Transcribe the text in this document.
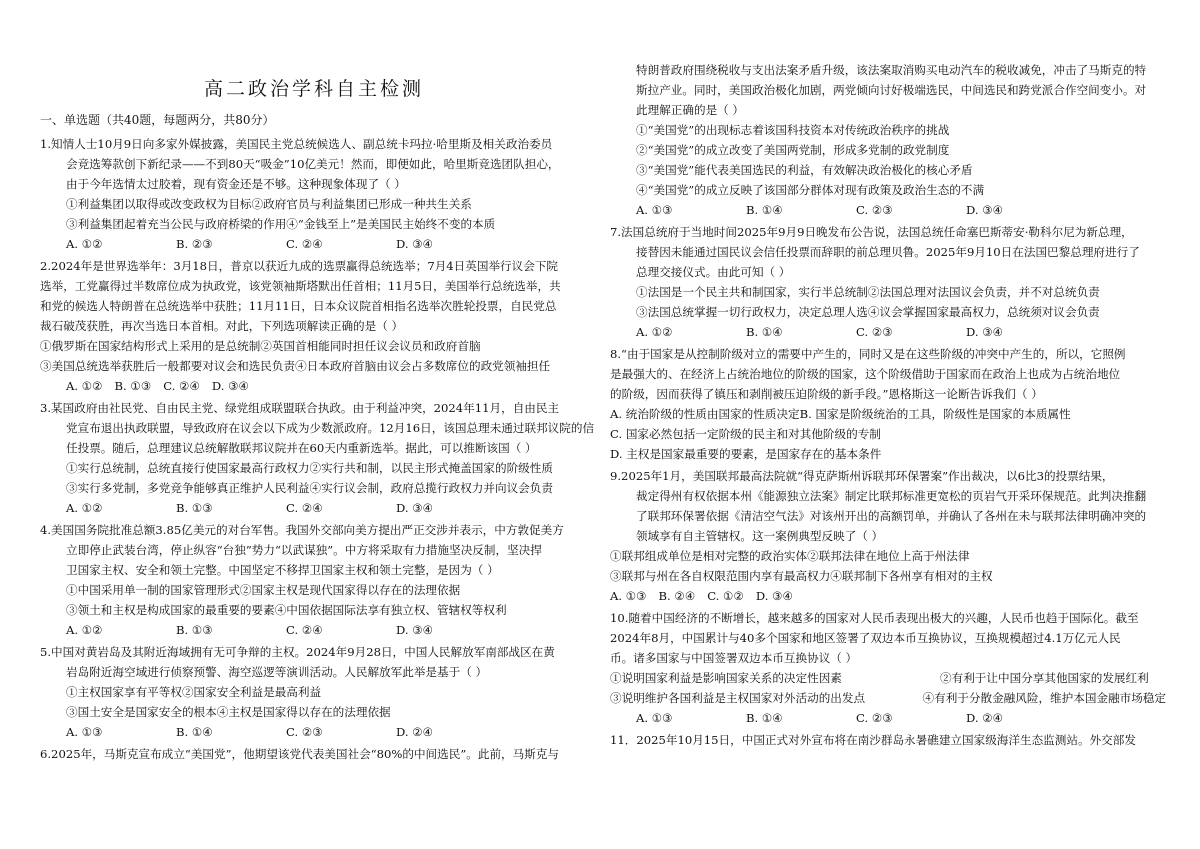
高二政治学科自主检测
一、单选题（共40题，每题两分，共80分）

1.知情人士10月9日向多家外媒披露，美国民主党总统候选人、副总统卡玛拉·哈里斯及相关政治委员

会竞选筹款创下新纪录——不到80天“吸金”10亿美元！然而，即便如此，哈里斯竞选团队担心，

由于今年选情太过胶着，现有资金还是不够。这种现象体现了（ ）

①利益集团以取得或改变政权为目标②政府官员与利益集团已形成一种共生关系

③利益集团起着充当公民与政府桥梁的作用④“金钱至上”是美国民主始终不变的本质

A. ①②	B. ②③	C. ②④	D. ③④

2.2024年是世界选举年：3月18日，普京以获近九成的选票赢得总统选举；7月4日英国举行议会下院

选举，工党赢得过半数席位成为执政党，该党领袖斯塔默出任首相；11月5日，美国举行总统选举，共

和党的候选人特朗普在总统选举中获胜；11月11日，日本众议院首相指名选举次胜轮投票，自民党总

裁石破茂获胜，再次当选日本首相。对此，下列选项解读正确的是（ ）

①俄罗斯在国家结构形式上采用的是总统制②英国首相能同时担任议会议员和政府首脑

③美国总统选举获胜后一般都要对议会和选民负责④日本政府首脑由议会占多数席位的政党领袖担任

A. ①② B. ①③ C. ②④ D. ③④

3.某国政府由社民党、自由民主党、绿党组成联盟联合执政。由于利益冲突，2024年11月，自由民主

党宣布退出执政联盟，导致政府在议会以下成为少数派政府。12月16日，该国总理未通过联邦议院的信

任投票。随后，总理建议总统解散联邦议院并在60天内重新选举。据此，可以推断该国（ ）

①实行总统制，总统直接行使国家最高行政权力②实行共和制，以民主形式掩盖国家的阶级性质

③实行多党制，多党竞争能够真正维护人民利益④实行议会制，政府总揽行政权力并向议会负责

A. ①②	B. ①③	C. ②④	D. ③④

4.美国国务院批准总额3.85亿美元的对台军售。我国外交部向美方提出严正交涉并表示，中方敦促美方

立即停止武装台湾，停止纵容“台独”势力“以武谋独”。中方将采取有力措施坚决反制，坚决捍

卫国家主权、安全和领土完整。中国坚定不移捍卫国家主权和领土完整，是因为（ ）

①中国采用单一制的国家管理形式②国家主权是现代国家得以存在的法理依据

③领土和主权是构成国家的最重要的要素④中国依据国际法享有独立权、管辖权等权利

A. ①②	B. ①③	C. ②④	D. ③④

5.中国对黄岩岛及其附近海域拥有无可争辩的主权。2024年9月28日，中国人民解放军南部战区在黄

岩岛附近海空域进行侦察预警、海空巡逻等演训活动。人民解放军此举是基于（ ）

①主权国家享有平等权②国家安全利益是最高利益

③国土安全是国家安全的根本④主权是国家得以存在的法理依据

A. ①③	B. ①④	C. ②③	D. ②④

6.2025年，马斯克宣布成立“美国党”，他期望该党代表美国社会“80%的中间选民”。此前，马斯克与

特朗普政府围绕税收与支出法案矛盾升级，该法案取消购买电动汽车的税收减免，冲击了马斯克的特

斯拉产业。同时，美国政治极化加剧，两党倾向讨好极端选民，中间选民和跨党派合作空间变小。对

此理解正确的是（ ）

①“美国党”的出现标志着该国科技资本对传统政治秩序的挑战

②“美国党”的成立改变了美国两党制，形成多党制的政党制度

③“美国党”能代表美国选民的利益，有效解决政治极化的核心矛盾

④“美国党”的成立反映了该国部分群体对现有政策及政治生态的不满

A. ①③	B. ①④	C. ②③	D. ③④

7.法国总统府于当地时间2025年9月9日晚发布公告说，法国总统任命塞巴斯蒂安·勒科尔尼为新总理，

接替因未能通过国民议会信任投票而辞职的前总理贝鲁。2025年9月10日在法国巴黎总理府进行了

总理交接仪式。由此可知（ ）

①法国是一个民主共和制国家，实行半总统制②法国总理对法国议会负责，并不对总统负责

③法国总统掌握一切行政权力，决定总理人选④议会掌握国家最高权力，总统须对议会负责

A. ①②	B. ①④	C. ②③	D. ③④

8.“由于国家是从控制阶级对立的需要中产生的，同时又是在这些阶级的冲突中产生的，所以，它照例

是最强大的、在经济上占统治地位的阶级的国家，这个阶级借助于国家而在政治上也成为占统治地位

的阶级，因而获得了镇压和剥削被压迫阶级的新手段。”恩格斯这一论断告诉我们（ ）

A. 统治阶级的性质由国家的性质决定B. 国家是阶级统治的工具，阶级性是国家的本质属性

C. 国家必然包括一定阶级的民主和对其他阶级的专制

D. 主权是国家最重要的要素，是国家存在的基本条件

9.2025年1月，美国联邦最高法院就“得克萨斯州诉联邦环保署案”作出裁决，以6比3的投票结果，

裁定得州有权依据本州《能源独立法案》制定比联邦标准更宽松的页岩气开采环保规范。此判决推翻

了联邦环保署依据《清洁空气法》对该州开出的高额罚单，并确认了各州在未与联邦法律明确冲突的

领域享有自主管辖权。这一案例典型反映了（ ）

①联邦组成单位是相对完整的政治实体②联邦法律在地位上高于州法律

③联邦与州在各自权限范围内享有最高权力④联邦制下各州享有相对的主权

A. ①③ B. ②④ C. ①② D. ③④

10.随着中国经济的不断增长，越来越多的国家对人民币表现出极大的兴趣，人民币也趋于国际化。截至

2024年8月，中国累计与40多个国家和地区签署了双边本币互换协议，互换规模超过4.1万亿元人民

币。诸多国家与中国签署双边本币互换协议（ ）

①说明国家利益是影响国家关系的决定性因素	②有利于让中国分享其他国家的发展红利
③说明维护各国利益是主权国家对外活动的出发点	④有利于分散金融风险，维护本国金融市场稳定
A. ①③	B. ①④	C. ②③	D. ②④

11．2025年10月15日，中国正式对外宣布将在南沙群岛永暑礁建立国家级海洋生态监测站。外交部发
